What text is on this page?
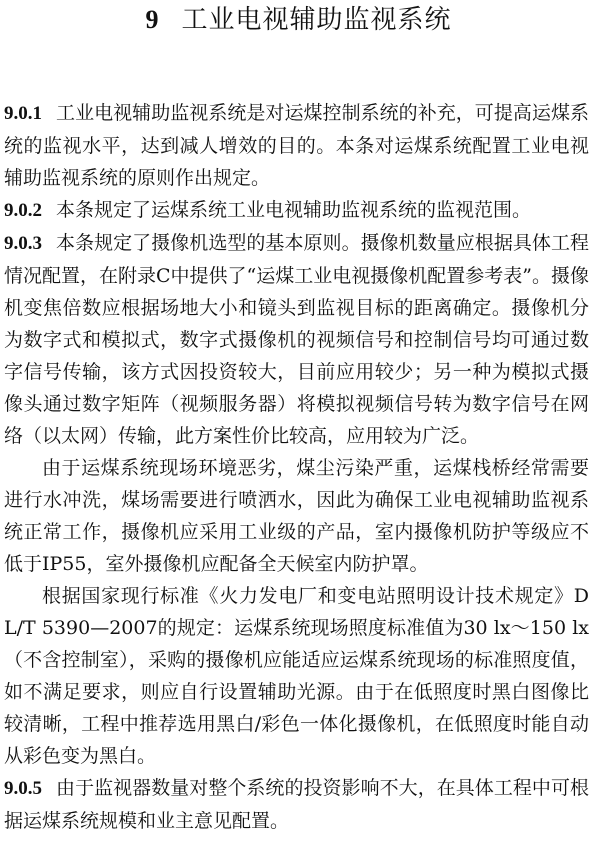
9 工业电视辅助监视系统

9.0.1 工业电视辅助监视系统是对运煤控制系统的补充，可提高运煤系统的监视水平，达到减人增效的目的。本条对运煤系统配置工业电视辅助监视系统的原则作出规定。

9.0.2 本条规定了运煤系统工业电视辅助监视系统的监视范围。

9.0.3 本条规定了摄像机选型的基本原则。摄像机数量应根据具体工程情况配置，在附录C中提供了“运煤工业电视摄像机配置参考表”。摄像机变焦倍数应根据场地大小和镜头到监视目标的距离确定。摄像机分为数字式和模拟式，数字式摄像机的视频信号和控制信号均可通过数字信号传输，该方式因投资较大，目前应用较少；另一种为模拟式摄像头通过数字矩阵（视频服务器）将模拟视频信号转为数字信号在网络（以太网）传输，此方案性价比较高，应用较为广泛。

由于运煤系统现场环境恶劣，煤尘污染严重，运煤栈桥经常需要进行水冲洗，煤场需要进行喷洒水，因此为确保工业电视辅助监视系统正常工作，摄像机应采用工业级的产品，室内摄像机防护等级应不低于IP55，室外摄像机应配备全天候室内防护罩。

根据国家现行标准《火力发电厂和变电站照明设计技术规定》DL/T 5390—2007的规定：运煤系统现场照度标准值为30 lx～150 lx（不含控制室），采购的摄像机应能适应运煤系统现场的标准照度值，如不满足要求，则应自行设置辅助光源。由于在低照度时黑白图像比较清晰，工程中推荐选用黑白/彩色一体化摄像机，在低照度时能自动从彩色变为黑白。

9.0.5 由于监视器数量对整个系统的投资影响不大，在具体工程中可根据运煤系统规模和业主意见配置。
